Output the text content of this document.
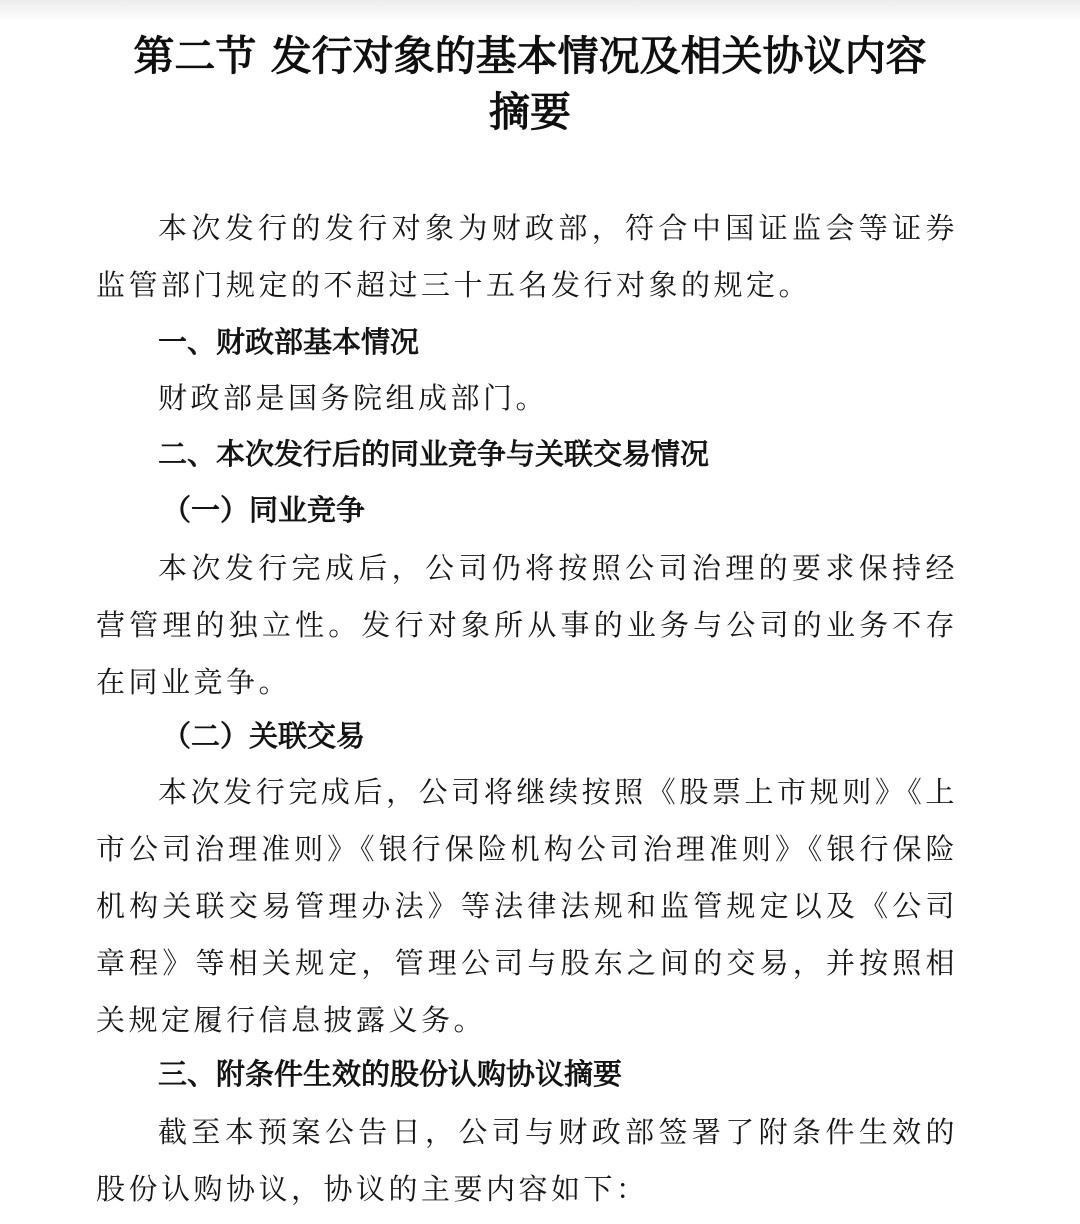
第二节 发行对象的基本情况及相关协议内容
摘要
本次发行的发行对象为财政部，符合中国证监会等证券监管部门规定的不超过三十五名发行对象的规定。
一、财政部基本情况
财政部是国务院组成部门。
二、本次发行后的同业竞争与关联交易情况
（一）同业竞争
本次发行完成后，公司仍将按照公司治理的要求保持经营管理的独立性。发行对象所从事的业务与公司的业务不存在同业竞争。
（二）关联交易
本次发行完成后，公司将继续按照《股票上市规则》《上市公司治理准则》《银行保险机构公司治理准则》《银行保险机构关联交易管理办法》等法律法规和监管规定以及《公司章程》等相关规定，管理公司与股东之间的交易，并按照相关规定履行信息披露义务。
三、附条件生效的股份认购协议摘要
截至本预案公告日，公司与财政部签署了附条件生效的股份认购协议，协议的主要内容如下：
